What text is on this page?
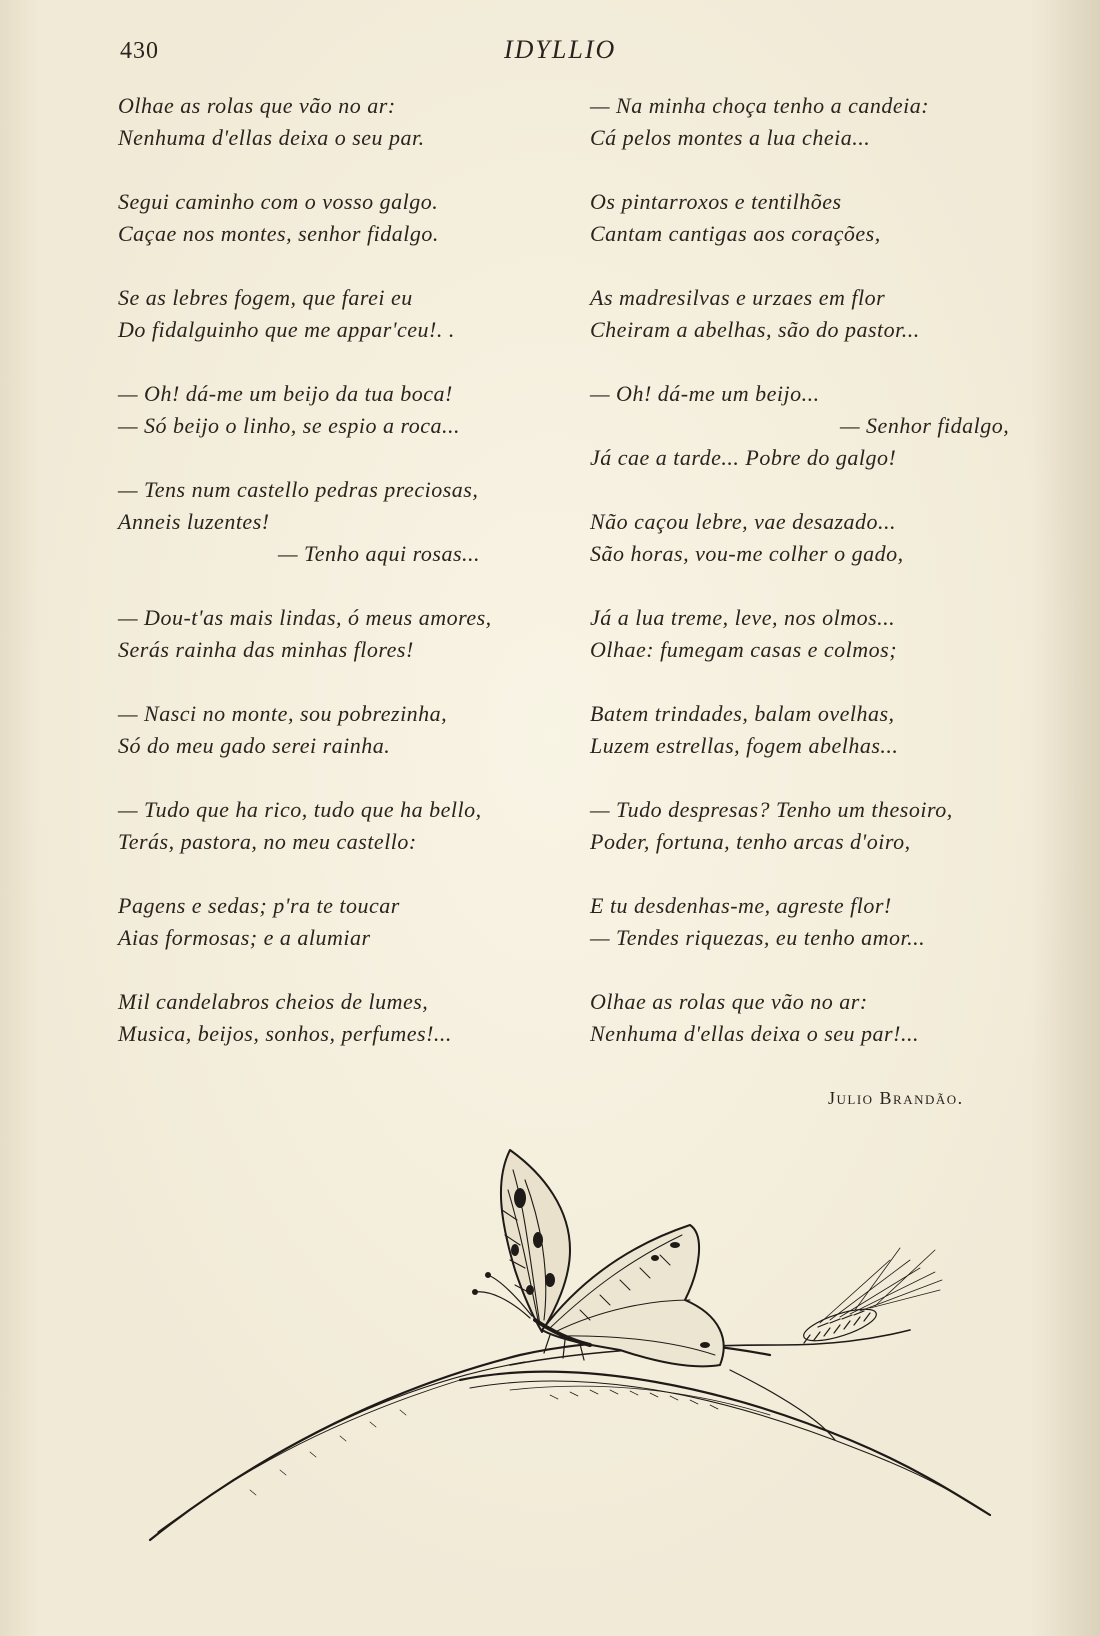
430	IDYLLIO
Olhae as rolas que vão no ar:
Nenhuma d'ellas deixa o seu par.
Segui caminho com o vosso galgo.
Caçae nos montes, senhor fidalgo.
Se as lebres fogem, que farei eu
Do fidalguinho que me appar'ceu!. .
— Oh! dá-me um beijo da tua boca!
— Só beijo o linho, se espio a roca...
— Tens num castello pedras preciosas,
Anneis luzentes!
— Tenho aqui rosas...
— Dou-t'as mais lindas, ó meus amores,
Serás rainha das minhas flores!
— Nasci no monte, sou pobrezinha,
Só do meu gado serei rainha.
— Tudo que ha rico, tudo que ha bello,
Terás, pastora, no meu castello:
Pagens e sedas; p'ra te toucar
Aias formosas; e a alumiar
Mil candelabros cheios de lumes,
Musica, beijos, sonhos, perfumes!...
— Na minha choça tenho a candeia:
Cá pelos montes a lua cheia...
Os pintarroxos e tentilhões
Cantam cantigas aos corações,
As madresilvas e urzaes em flor
Cheiram a abelhas, são do pastor...
— Oh! dá-me um beijo...
— Senhor fidalgo,
Já cae a tarde... Pobre do galgo!
Não caçou lebre, vae desazado...
São horas, vou-me colher o gado,
Já a lua treme, leve, nos olmos...
Olhae: fumegam casas e colmos;
Batem trindades, balam ovelhas,
Luzem estrellas, fogem abelhas...
— Tudo despresas? Tenho um thesoiro,
Poder, fortuna, tenho arcas d'oiro,
E tu desdenhas-me, agreste flor!
— Tendes riquezas, eu tenho amor...
Olhae as rolas que vão no ar:
Nenhuma d'ellas deixa o seu par!...
Julio Brandão.
